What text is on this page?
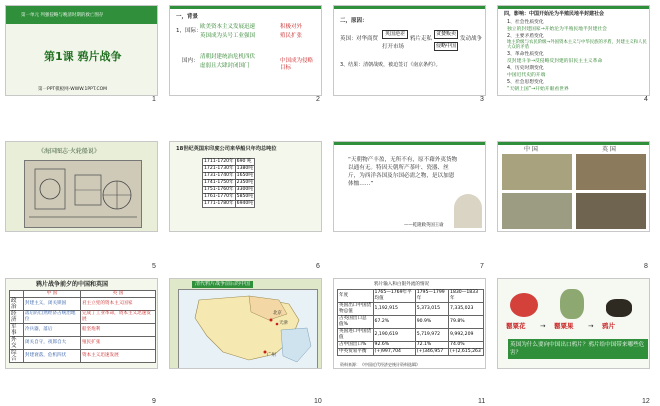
第一单元 列强侵略与晚清时期的救亡图存
第1课 鸦片战争
第一PPT模板网-WWW.1PPT.COM
1
一，背景
1，国际：
欧美资本主义发展迅速
英国成为头号工业强国
积极对外
殖民扩张
国内：
清朝封建统治危机四伏
虚弱且大肆封闭国门
中国成为侵略目标
2
二，原因：
英国： 对华商贸
英国逆差
鸦片走私
贪婪贩卖
发动战争
打开市场	侵略中国
3、结果：清朝战败，被迫签订《南京条约》。
3
四，影响：中国开始沦为半殖民地半封建社会
1、社会性质变化
独立的封建国家→开始沦为半殖民地半封建社会
2、主要矛盾变化
地主阶级与农民阶级→外国资本主义与中华民族的矛盾，封建主义和人民大众的矛盾
3、革命性质变化
反封建斗争→反侵略反封建的旧民主主义革命
4、历史时期变化
中国近代史的开端
5、社会思想变化
“天朝上国”→开始开眼看世界
4
《海国图志·火轮船说》
5
18世纪英国东印度公司来华船只年均总吨位
1711-1720年	690 吨
1721-1730年	1380吨
1731-1740年	1650吨
1741-1750年	2350吨
1751-1760年	3300吨
1761-1770年	5850吨
1771-1780年	6940吨
6
“天朝物产丰盈，无所不有，原不藉外夷货物以通有无。特因天朝所产茶叶、瓷器、丝斤，为西洋各国及尔国必需之物，是以加恩体恤……”
——乾隆敕英国王谕
7
中 国	英 国
8
鸦片战争前夕的中国和英国
	中 国	英 国
政治	封建主义，闭关锁国	君主立宪的资本主义国家
经济	落后的自然经济占统治地位	完成了工业革命，资本主义迅速发展
军事	冷兵器，落后	船坚炮利
外交	闭关自守，夜郎自大	殖民扩张
综合	封建衰落，危机四伏	资本主义迅速发展
9
清代鸦片战争前后的中国
北京
天津
广州
10
鸦片输入和白银外流的情况
年度	1765—1769年平均值	1795—1799年	1830—1833年
英国出口中国货物总值	1,192,915	5,373,015	7,335,023
占英国出口总值%	67.2%	90.9%	79.8%
英国进口中国货值	2,190,619	5,719,972	9,992,209
占中国出口%	92.6%	72.1%	74.0%
中英贸易平衡	(+)997,704	(+)346,957	(+)2,615,263
资料来源：《中国近代经济史统计资料选辑》
11
罂粟花 → 罂粟果 → 鸦片
英国为什么要向中国出口鸦片？鸦片给中国带来哪些危害？
12
